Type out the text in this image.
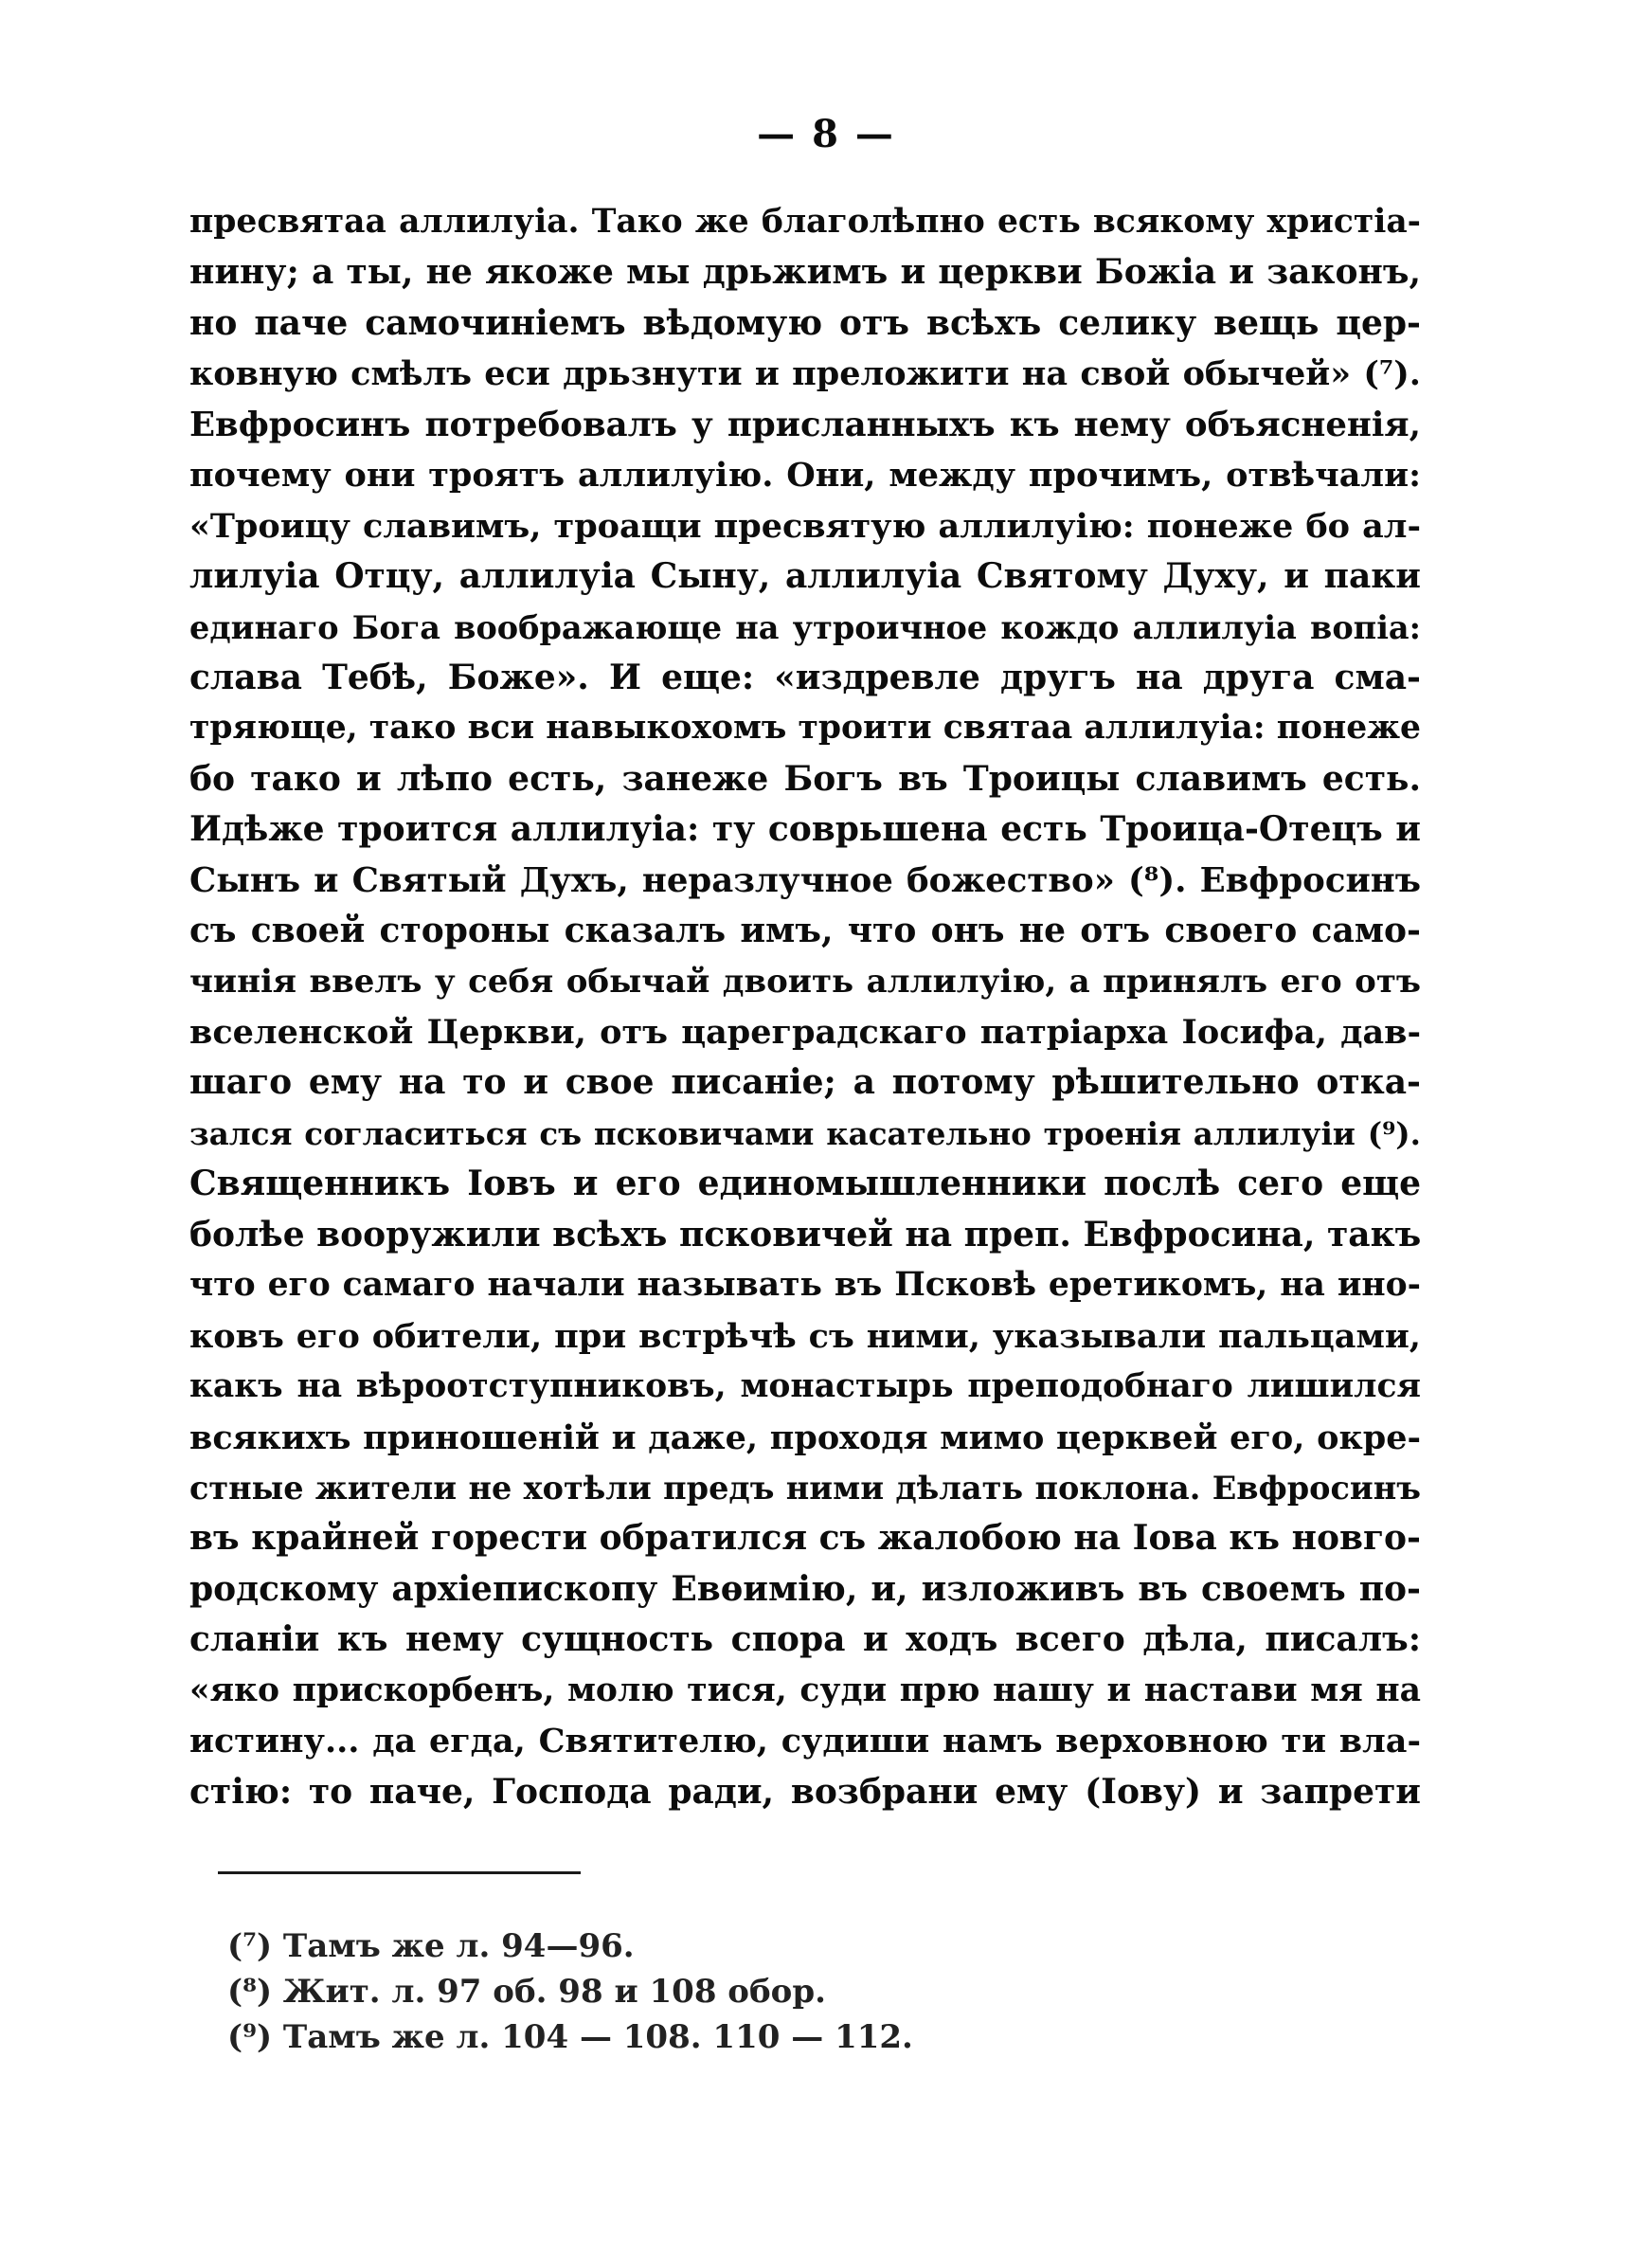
— 8 —
пресвятаа аллилуіа. Тако же благолѣпно есть всякому христіа-
нину; а ты, не якоже мы дрьжимъ и церкви Божіа и законъ,
но паче самочиніемъ вѣдомую отъ всѣхъ селику вещь цер-
ковную смѣлъ еси дрьзнути и преложити на свой обычей» (⁷).
Евфросинъ потребовалъ у присланныхъ къ нему объясненія,
почему они троятъ аллилуію. Они, между прочимъ, отвѣчали:
«Троицу славимъ, троащи пресвятую аллилуію: понеже бо ал-
лилуіа Отцу, аллилуіа Сыну, аллилуіа Святому Духу, и паки
единаго Бога воображающе на утроичное кождо аллилуіа вопіа:
слава Тебѣ, Боже». И еще: «издревле другъ на друга сма-
тряюще, тако вси навыкохомъ троити святаа аллилуіа: понеже
бо тако и лѣпо есть, занеже Богъ въ Троицы славимъ есть.
Идѣже троится аллилуіа: ту соврьшена есть Троица-Отецъ и
Сынъ и Святый Духъ, неразлучное божество» (⁸). Евфросинъ
съ своей стороны сказалъ имъ, что онъ не отъ своего само-
чинія ввелъ у себя обычай двоить аллилуію, а принялъ его отъ
вселенской Церкви, отъ цареградскаго патріарха Іосифа, дав-
шаго ему на то и свое писаніе; а потому рѣшительно отка-
зался согласиться съ псковичами касательно троенія аллилуіи (⁹).
Священникъ Іовъ и его единомышленники послѣ сего еще
болѣе вооружили всѣхъ псковичей на преп. Евфросина, такъ
что его самаго начали называть въ Псковѣ еретикомъ, на ино-
ковъ его обители, при встрѣчѣ съ ними, указывали пальцами,
какъ на вѣроотступниковъ, монастырь преподобнаго лишился
всякихъ приношеній и даже, проходя мимо церквей его, окре-
стные жители не хотѣли предъ ними дѣлать поклона. Евфросинъ
въ крайней горести обратился съ жалобою на Іова къ новго-
родскому архіепископу Евѳимію, и, изложивъ въ своемъ по-
сланіи къ нему сущность спора и ходъ всего дѣла, писалъ:
«яко прискорбенъ, молю тися, суди прю нашу и настави мя на
истину... да егда, Святителю, судиши намъ верховною ти вла-
стію: то паче, Господа ради, возбрани ему (Іову) и запрети
(⁷) Тамъ же л. 94—96.
(⁸) Жит. л. 97 об. 98 и 108 обор.
(⁹) Тамъ же л. 104 — 108. 110 — 112.
